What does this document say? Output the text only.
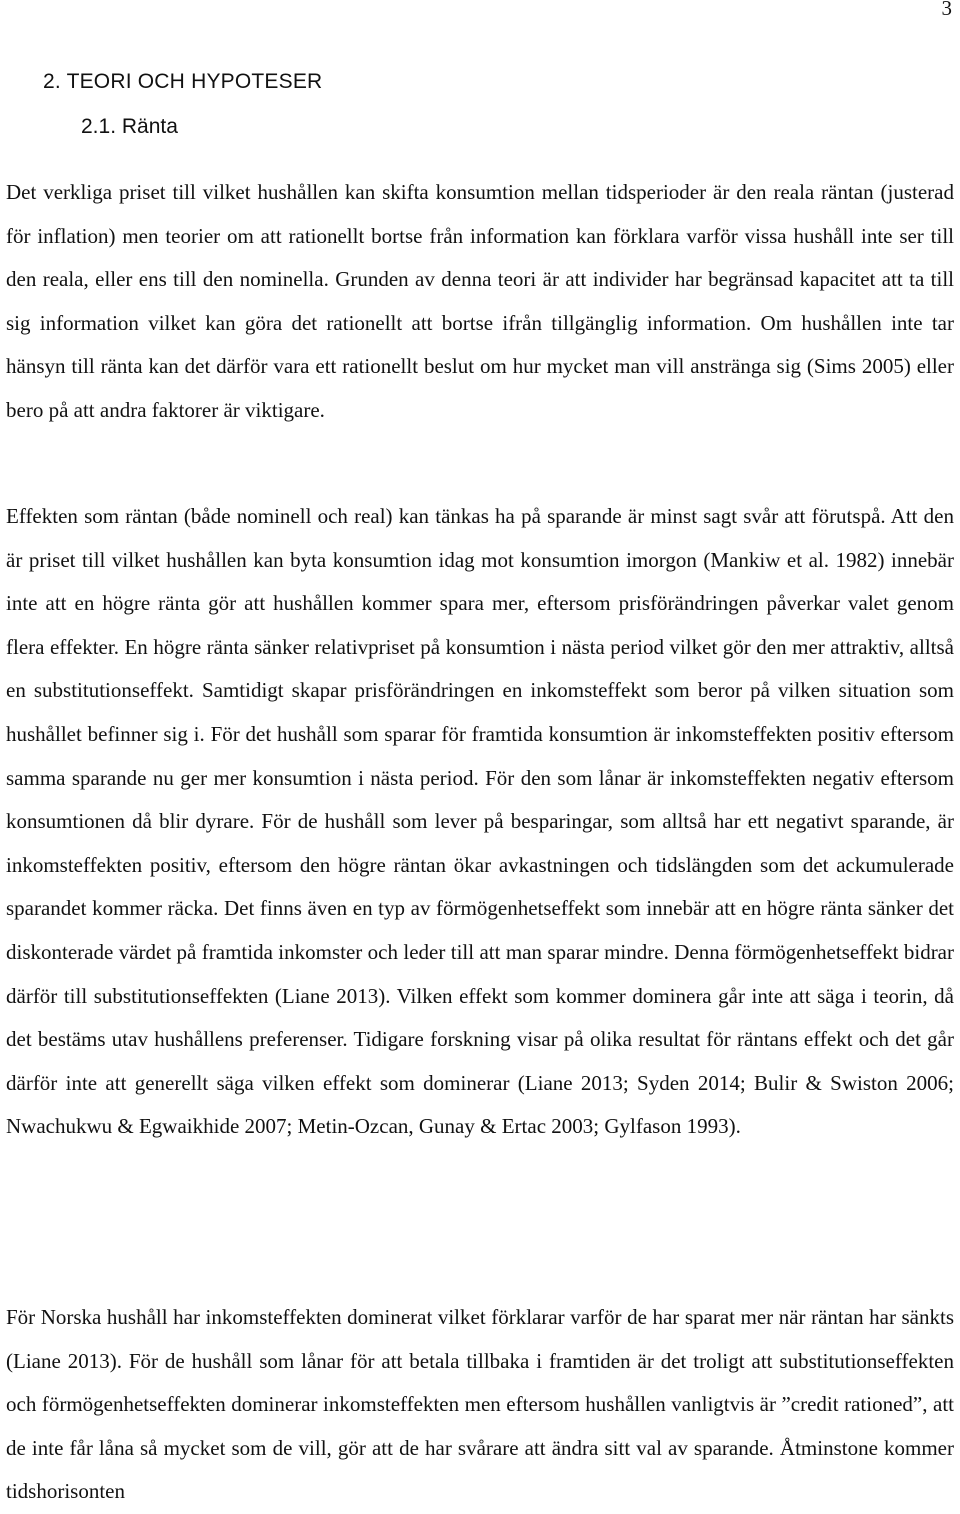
3
2. TEORI OCH HYPOTESER
2.1. Ränta

Det verkliga priset till vilket hushållen kan skifta konsumtion mellan tidsperioder är den reala räntan (justerad för inflation) men teorier om att rationellt bortse från information kan förklara varför vissa hushåll inte ser till den reala, eller ens till den nominella. Grunden av denna teori är att individer har begränsad kapacitet att ta till sig information vilket kan göra det rationellt att bortse ifrån tillgänglig information. Om hushållen inte tar hänsyn till ränta kan det därför vara ett rationellt beslut om hur mycket man vill anstränga sig (Sims 2005) eller bero på att andra faktorer är viktigare.

Effekten som räntan (både nominell och real) kan tänkas ha på sparande är minst sagt svår att förutspå. Att den är priset till vilket hushållen kan byta konsumtion idag mot konsumtion imorgon (Mankiw et al. 1982) innebär inte att en högre ränta gör att hushållen kommer spara mer, eftersom prisförändringen påverkar valet genom flera effekter. En högre ränta sänker relativpriset på konsumtion i nästa period vilket gör den mer attraktiv, alltså en substitutionseffekt. Samtidigt skapar prisförändringen en inkomsteffekt som beror på vilken situation som hushållet befinner sig i. För det hushåll som sparar för framtida konsumtion är inkomsteffekten positiv eftersom samma sparande nu ger mer konsumtion i nästa period. För den som lånar är inkomsteffekten negativ eftersom konsumtionen då blir dyrare. För de hushåll som lever på besparingar, som alltså har ett negativt sparande, är inkomsteffekten positiv, eftersom den högre räntan ökar avkastningen och tidslängden som det ackumulerade sparandet kommer räcka. Det finns även en typ av förmögenhetseffekt som innebär att en högre ränta sänker det diskonterade värdet på framtida inkomster och leder till att man sparar mindre. Denna förmögenhetseffekt bidrar därför till substitutionseffekten (Liane 2013). Vilken effekt som kommer dominera går inte att säga i teorin, då det bestäms utav hushållens preferenser. Tidigare forskning visar på olika resultat för räntans effekt och det går därför inte att generellt säga vilken effekt som dominerar (Liane 2013; Syden 2014; Bulir & Swiston 2006; Nwachukwu & Egwaikhide 2007; Metin-Ozcan, Gunay & Ertac 2003; Gylfason 1993).

För Norska hushåll har inkomsteffekten dominerat vilket förklarar varför de har sparat mer när räntan har sänkts (Liane 2013). För de hushåll som lånar för att betala tillbaka i framtiden är det troligt att substitutionseffekten och förmögenhetseffekten dominerar inkomsteffekten men eftersom hushållen vanligtvis är ”credit rationed”, att de inte får låna så mycket som de vill, gör att de har svårare att ändra sitt val av sparande. Åtminstone kommer tidshorisonten
